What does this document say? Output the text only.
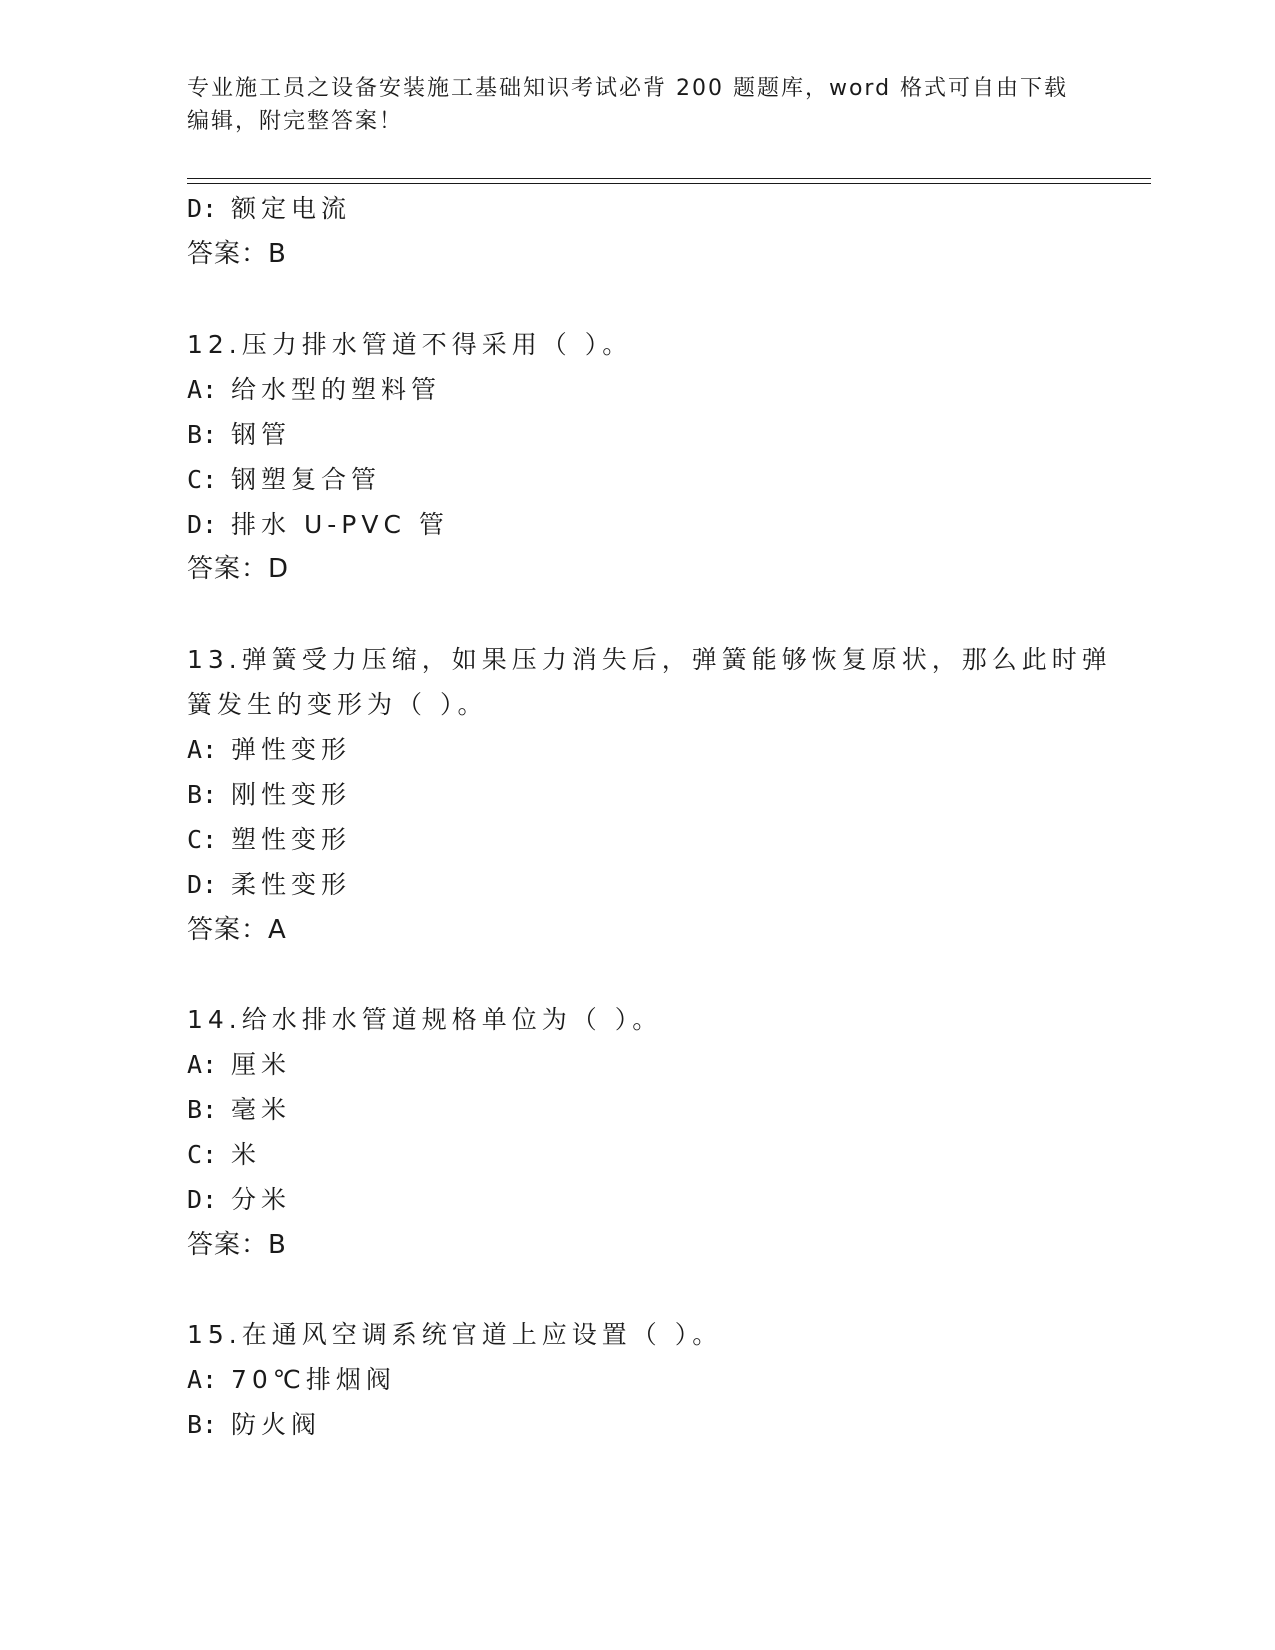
专业施工员之设备安装施工基础知识考试必背 200 题题库，word 格式可自由下载
编辑，附完整答案！
D: 额定电流
答案：B
12.压力排水管道不得采用（ ）。
A: 给水型的塑料管
B: 钢管
C: 钢塑复合管
D: 排水 U-PVC 管
答案：D
13.弹簧受力压缩，如果压力消失后，弹簧能够恢复原状，那么此时弹
簧发生的变形为（ ）。
A: 弹性变形
B: 刚性变形
C: 塑性变形
D: 柔性变形
答案：A
14.给水排水管道规格单位为（ ）。
A: 厘米
B: 毫米
C: 米
D: 分米
答案：B
15.在通风空调系统官道上应设置（ ）。
A: 70℃排烟阀
B: 防火阀
